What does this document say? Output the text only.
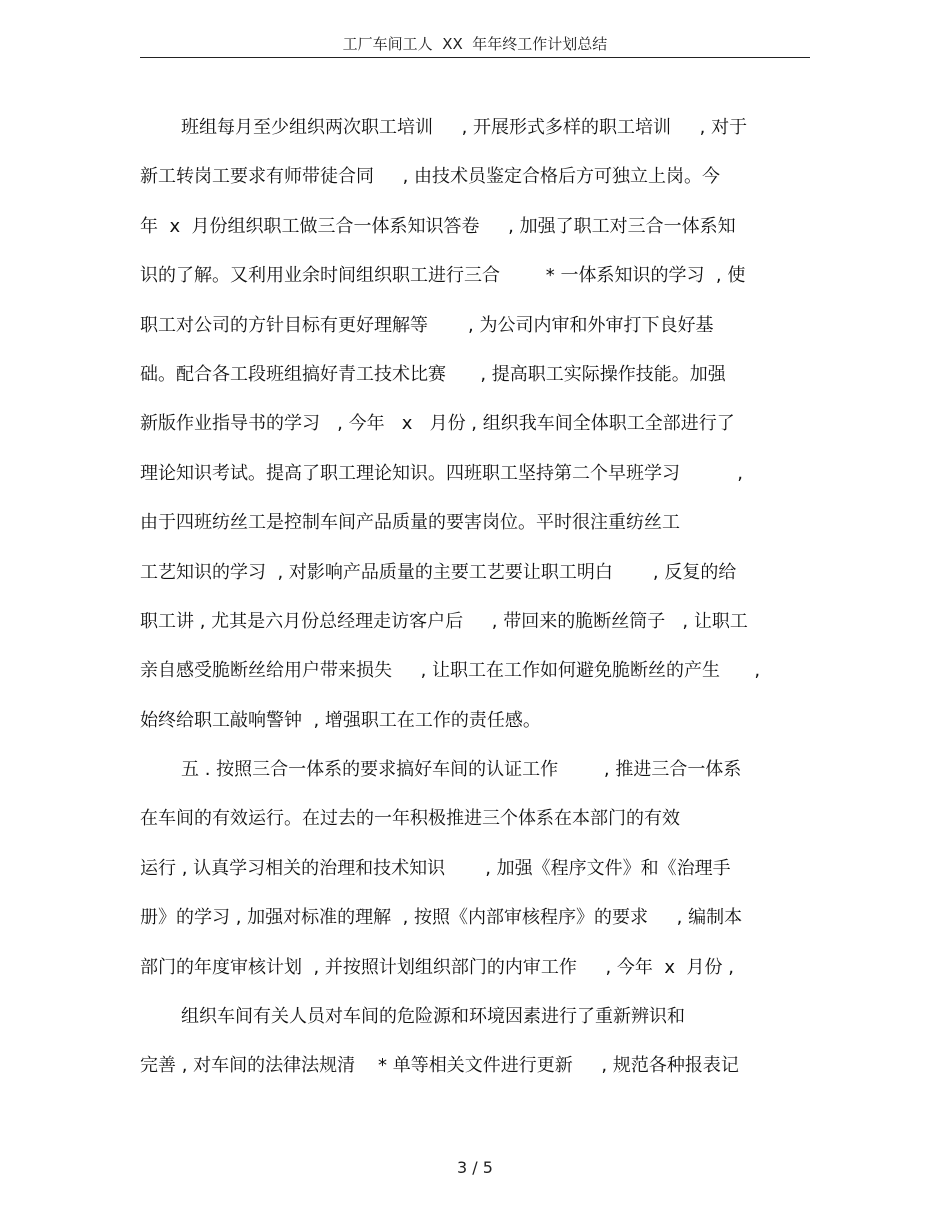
工厂车间工人  XX  年年终工作计划总结
班组每月至少组织两次职工培训     , 开展形式多样的职工培训     , 对于
新工转岗工要求有师带徒合同     , 由技术员鉴定合格后方可独立上岗。今
年  x  月份组织职工做三合一体系知识答卷     , 加强了职工对三合一体系知
识的了解。又利用业余时间组织职工进行三合        * 一体系知识的学习  , 使
职工对公司的方针目标有更好理解等       , 为公司内审和外审打下良好基
础。配合各工段班组搞好青工技术比赛      , 提高职工实际操作技能。加强
新版作业指导书的学习   , 今年   x   月份 , 组织我车间全体职工全部进行了
理论知识考试。提高了职工理论知识。四班职工坚持第二个早班学习          ,
由于四班纺丝工是控制车间产品质量的要害岗位。平时很注重纺丝工
工艺知识的学习  , 对影响产品质量的主要工艺要让职工明白       , 反复的给
职工讲 , 尤其是六月份总经理走访客户后     , 带回来的脆断丝筒子   , 让职工
亲自感受脆断丝给用户带来损失     , 让职工在工作如何避免脆断丝的产生      ,
始终给职工敲响警钟  , 增强职工在工作的责任感。
五 . 按照三合一体系的要求搞好车间的认证工作        , 推进三合一体系
在车间的有效运行。在过去的一年积极推进三个体系在本部门的有效
运行 , 认真学习相关的治理和技术知识       , 加强《程序文件》和《治理手
册》的学习 , 加强对标准的理解  , 按照《内部审核程序》的要求     , 编制本
部门的年度审核计划  , 并按照计划组织部门的内审工作     , 今年  x  月份 ,
组织车间有关人员对车间的危险源和环境因素进行了重新辨识和
完善 , 对车间的法律法规清    * 单等相关文件进行更新     , 规范各种报表记
3 / 5
